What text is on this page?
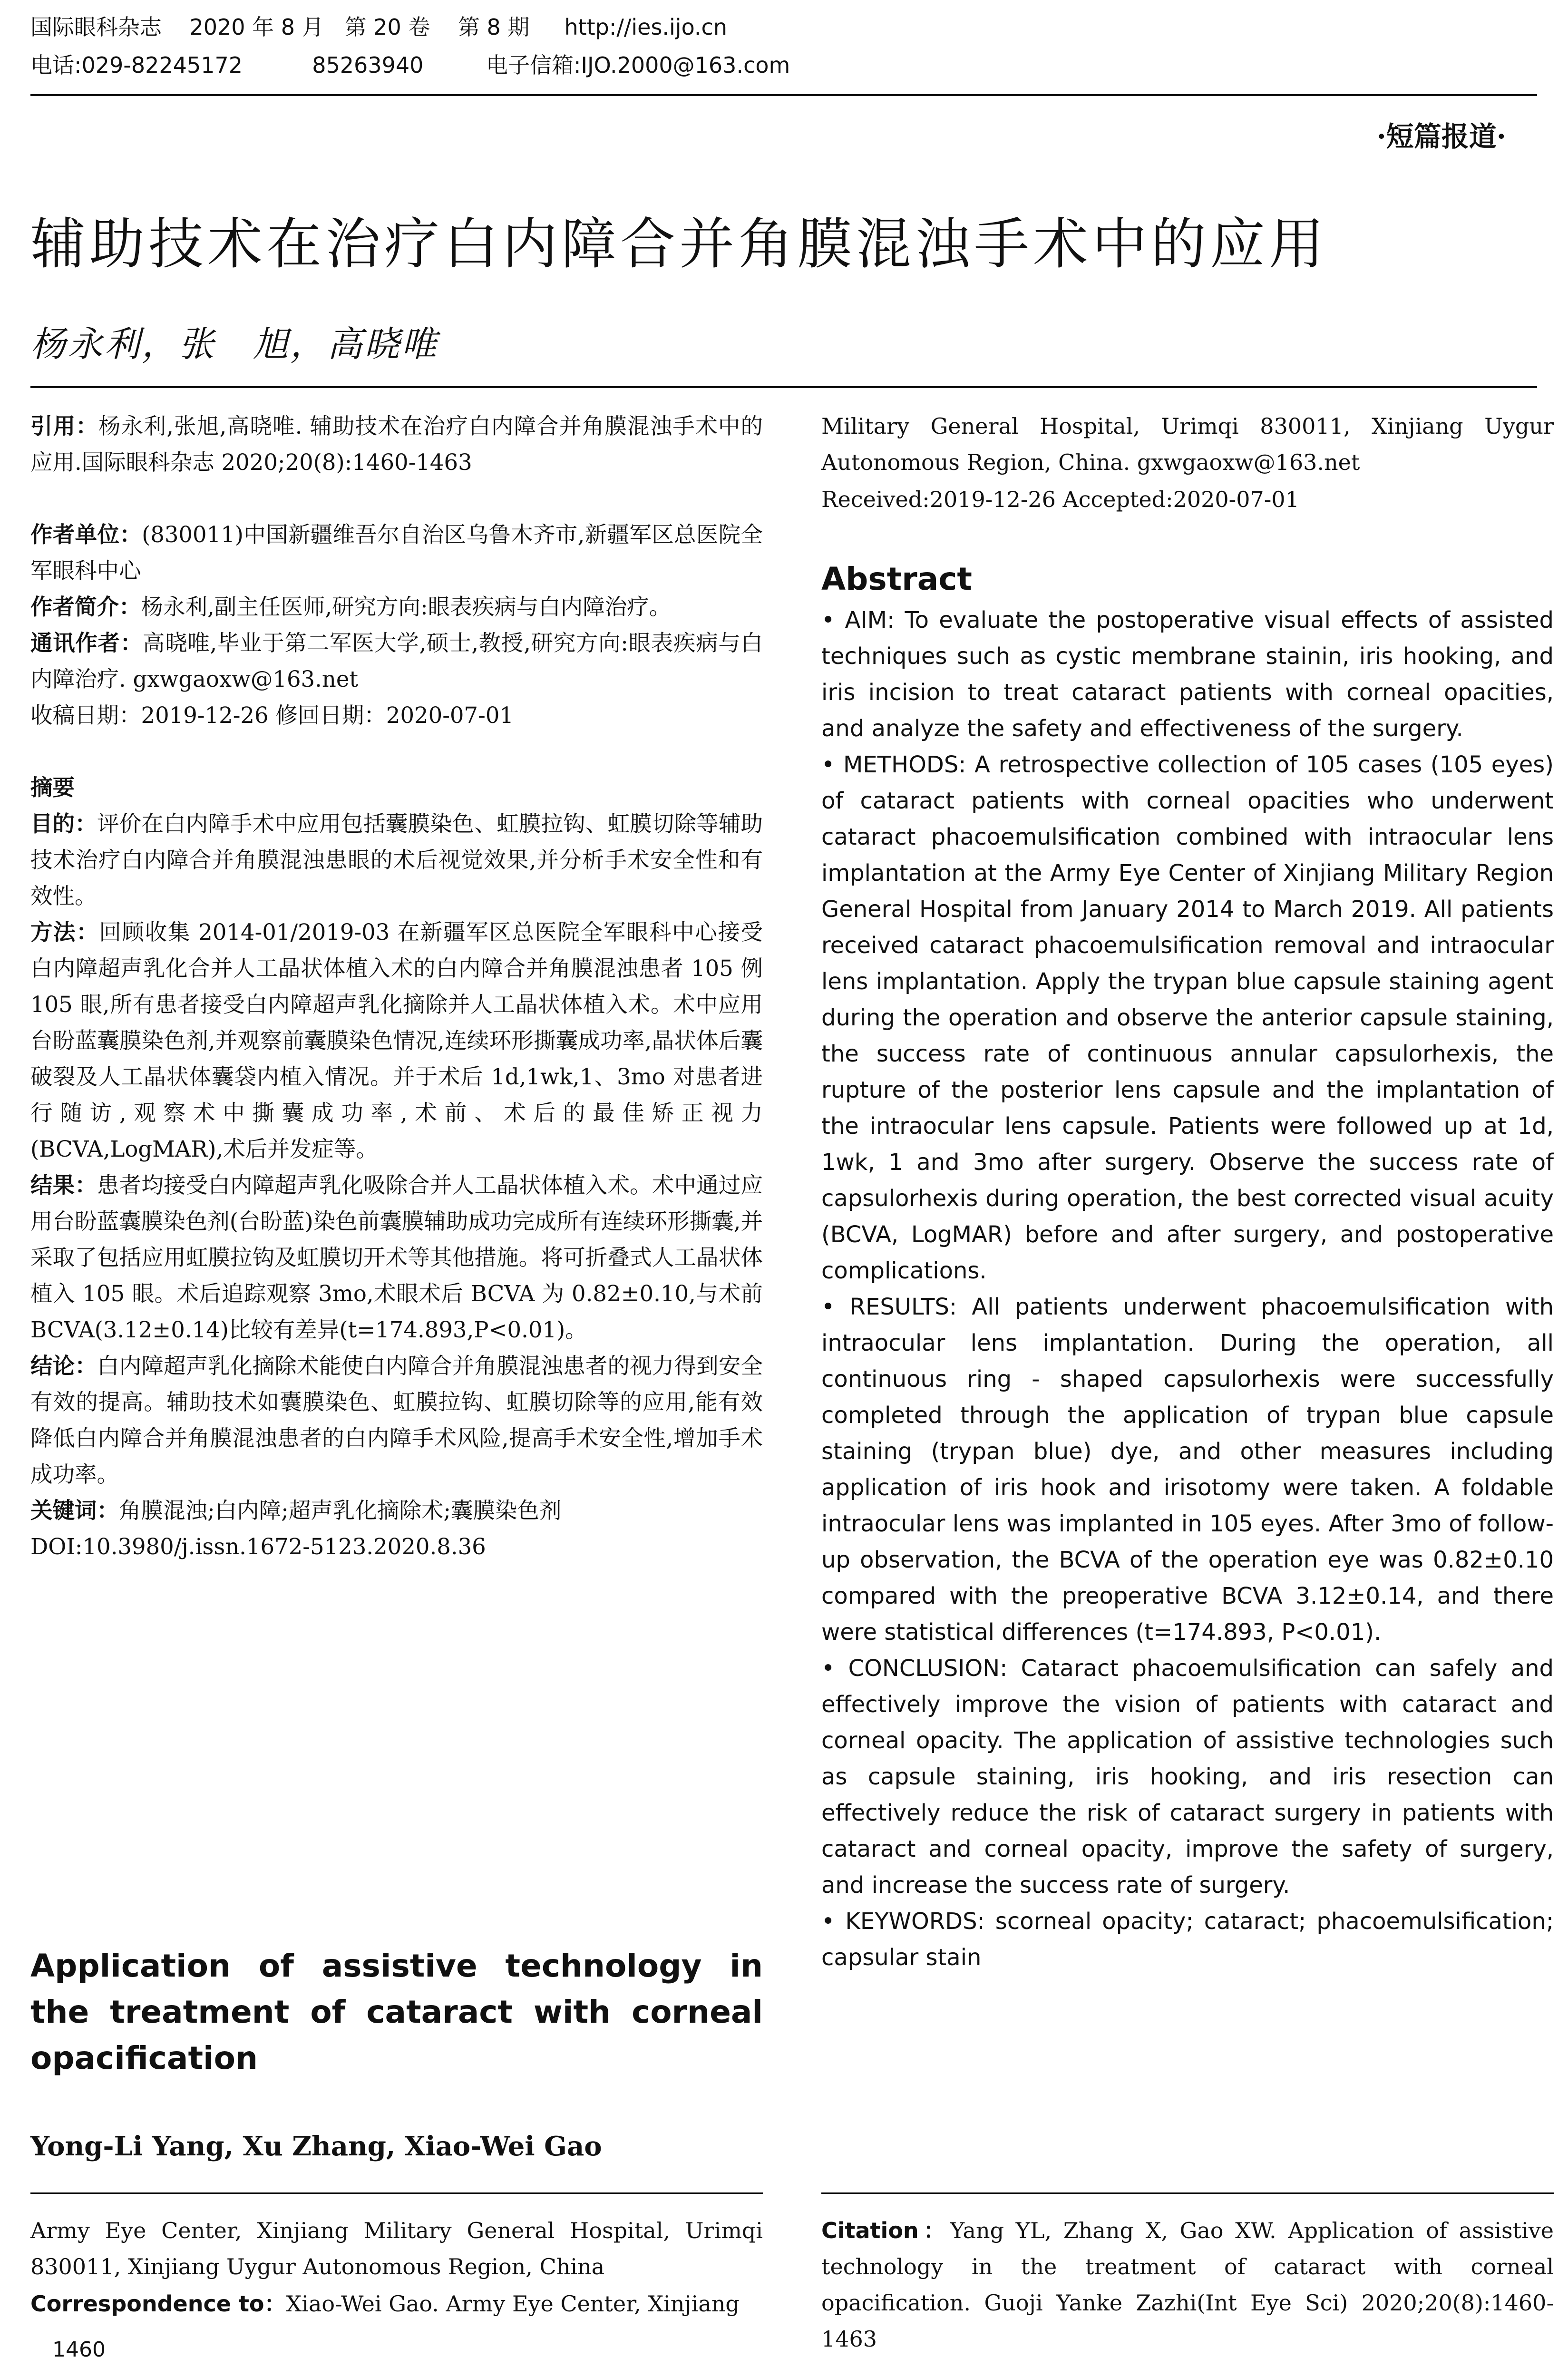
国际眼科杂志    2020 年 8 月   第 20 卷    第 8 期     http://ies.ijo.cn
电话:029-82245172          85263940         电子信箱:IJO.2000@163.com
·短篇报道·
辅助技术在治疗白内障合并角膜混浊手术中的应用
杨永利，张　旭，高晓唯

引用：杨永利,张旭,高晓唯. 辅助技术在治疗白内障合并角膜混浊手术中的应用.国际眼科杂志 2020;20(8):1460-1463

作者单位：(830011)中国新疆维吾尔自治区乌鲁木齐市,新疆军区总医院全军眼科中心

作者简介：杨永利,副主任医师,研究方向:眼表疾病与白内障治疗。

通讯作者：高晓唯,毕业于第二军医大学,硕士,教授,研究方向:眼表疾病与白内障治疗. gxwgaoxw@163.net

收稿日期：2019-12-26 修回日期：2020-07-01

摘要

目的：评价在白内障手术中应用包括囊膜染色、虹膜拉钩、虹膜切除等辅助技术治疗白内障合并角膜混浊患眼的术后视觉效果,并分析手术安全性和有效性。

方法：回顾收集 2014-01/2019-03 在新疆军区总医院全军眼科中心接受白内障超声乳化合并人工晶状体植入术的白内障合并角膜混浊患者 105 例 105 眼,所有患者接受白内障超声乳化摘除并人工晶状体植入术。术中应用台盼蓝囊膜染色剂,并观察前囊膜染色情况,连续环形撕囊成功率,晶状体后囊破裂及人工晶状体囊袋内植入情况。并于术后 1d,1wk,1、3mo 对患者进行随访,观察术中撕囊成功率,术前、术后的最佳矫正视力(BCVA,LogMAR),术后并发症等。

结果：患者均接受白内障超声乳化吸除合并人工晶状体植入术。术中通过应用台盼蓝囊膜染色剂(台盼蓝)染色前囊膜辅助成功完成所有连续环形撕囊,并采取了包括应用虹膜拉钩及虹膜切开术等其他措施。将可折叠式人工晶状体植入 105 眼。术后追踪观察 3mo,术眼术后 BCVA 为 0.82±0.10,与术前 BCVA(3.12±0.14)比较有差异(t=174.893,P<0.01)。

结论：白内障超声乳化摘除术能使白内障合并角膜混浊患者的视力得到安全有效的提高。辅助技术如囊膜染色、虹膜拉钩、虹膜切除等的应用,能有效降低白内障合并角膜混浊患者的白内障手术风险,提高手术安全性,增加手术成功率。

关键词：角膜混浊;白内障;超声乳化摘除术;囊膜染色剂

DOI:10.3980/j.issn.1672-5123.2020.8.36

Application of assistive technology in the treatment of cataract with corneal opacification
Yong-Li Yang, Xu Zhang, Xiao-Wei Gao
Army Eye Center, Xinjiang Military General Hospital, Urimqi 830011, Xinjiang Uygur Autonomous Region, China
Correspondence to：Xiao-Wei Gao. Army Eye Center, Xinjiang
Military General Hospital, Urimqi 830011, Xinjiang Uygur Autonomous Region, China. gxwgaoxw@163.net
Received:2019-12-26 Accepted:2020-07-01

Abstract

• AIM: To evaluate the postoperative visual effects of assisted techniques such as cystic membrane stainin, iris hooking, and iris incision to treat cataract patients with corneal opacities, and analyze the safety and effectiveness of the surgery.

• METHODS: A retrospective collection of 105 cases (105 eyes) of cataract patients with corneal opacities who underwent cataract phacoemulsification combined with intraocular lens implantation at the Army Eye Center of Xinjiang Military Region General Hospital from January 2014 to March 2019. All patients received cataract phacoemulsification removal and intraocular lens implantation. Apply the trypan blue capsule staining agent during the operation and observe the anterior capsule staining, the success rate of continuous annular capsulorhexis, the rupture of the posterior lens capsule and the implantation of the intraocular lens capsule. Patients were followed up at 1d, 1wk, 1 and 3mo after surgery. Observe the success rate of capsulorhexis during operation, the best corrected visual acuity (BCVA, LogMAR) before and after surgery, and postoperative complications.

• RESULTS: All patients underwent phacoemulsification with intraocular lens implantation. During the operation, all continuous ring - shaped capsulorhexis were successfully completed through the application of trypan blue capsule staining (trypan blue) dye, and other measures including application of iris hook and irisotomy were taken. A foldable intraocular lens was implanted in 105 eyes. After 3mo of follow-up observation, the BCVA of the operation eye was 0.82±0.10 compared with the preoperative BCVA 3.12±0.14, and there were statistical differences (t=174.893, P<0.01).

• CONCLUSION: Cataract phacoemulsification can safely and effectively improve the vision of patients with cataract and corneal opacity. The application of assistive technologies such as capsule staining, iris hooking, and iris resection can effectively reduce the risk of cataract surgery in patients with cataract and corneal opacity, improve the safety of surgery, and increase the success rate of surgery.

• KEYWORDS: scorneal opacity; cataract; phacoemulsification; capsular stain

Citation：Yang YL, Zhang X, Gao XW. Application of assistive technology in the treatment of cataract with corneal opacification. Guoji Yanke Zazhi(Int Eye Sci) 2020;20(8):1460-1463
1460
